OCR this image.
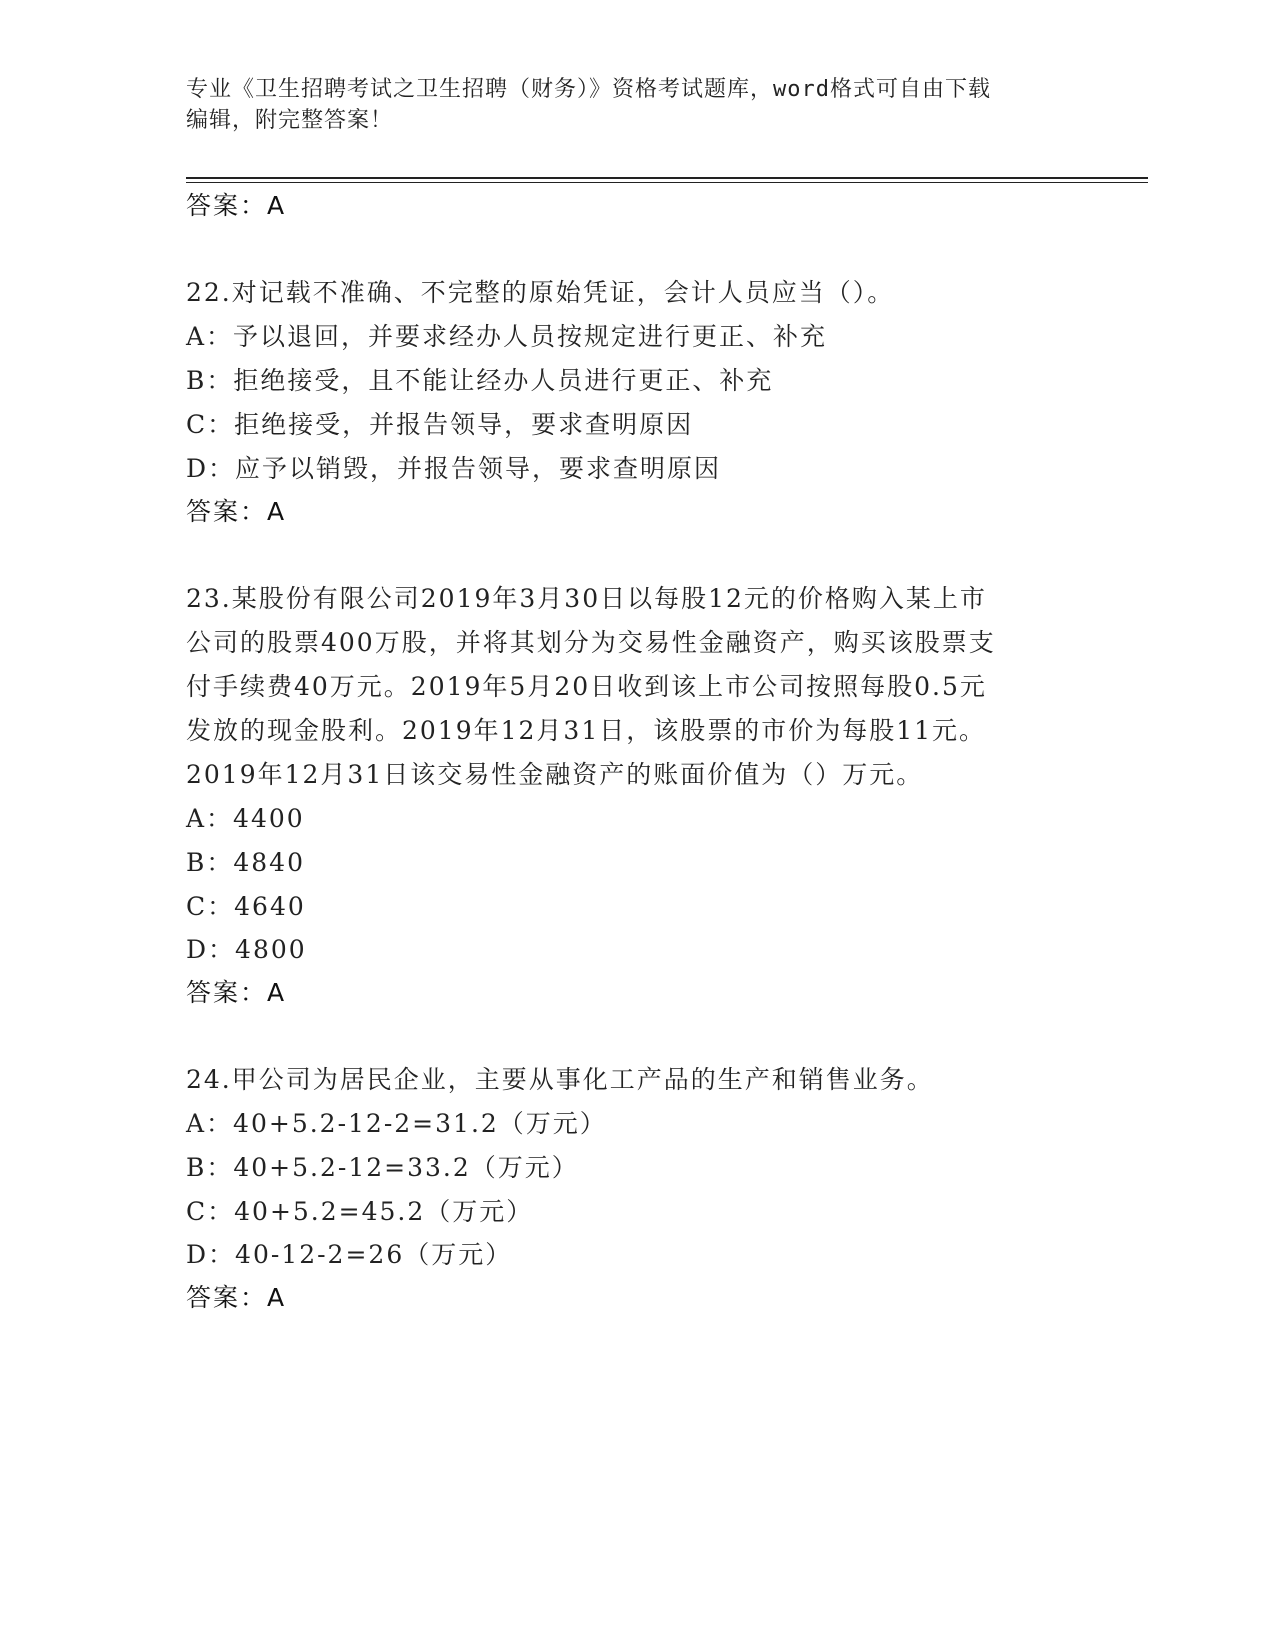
专业《卫生招聘考试之卫生招聘（财务）》资格考试题库，word格式可自由下载
编辑，附完整答案！
答案：A
22.对记载不准确、不完整的原始凭证，会计人员应当（）。
A：予以退回，并要求经办人员按规定进行更正、补充
B：拒绝接受，且不能让经办人员进行更正、补充
C：拒绝接受，并报告领导，要求查明原因
D：应予以销毁，并报告领导，要求查明原因
答案：A
23.某股份有限公司2019年3月30日以每股12元的价格购入某上市
公司的股票400万股，并将其划分为交易性金融资产，购买该股票支
付手续费40万元。2019年5月20日收到该上市公司按照每股0.5元
发放的现金股利。2019年12月31日，该股票的市价为每股11元。
2019年12月31日该交易性金融资产的账面价值为（）万元。
A：4400
B：4840
C：4640
D：4800
答案：A
24.甲公司为居民企业，主要从事化工产品的生产和销售业务。
A：40+5.2-12-2=31.2（万元）
B：40+5.2-12=33.2（万元）
C：40+5.2=45.2（万元）
D：40-12-2=26（万元）
答案：A
